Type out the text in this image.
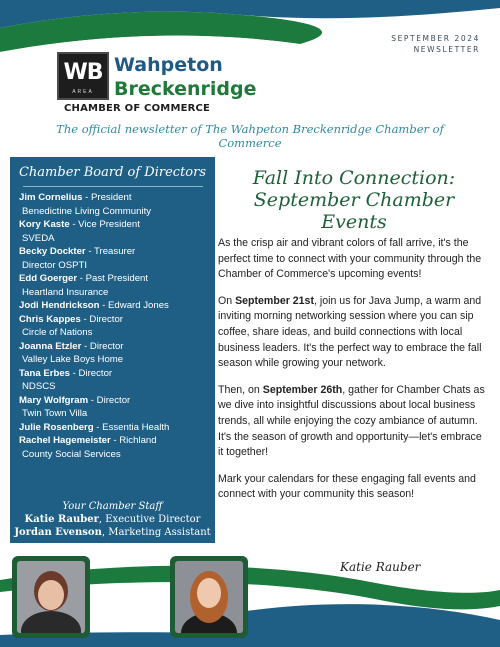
SEPTEMBER 2024
NEWSLETTER
WB
AREA
Wahpeton
Breckenridge
CHAMBER OF COMMERCE
The official newsletter of The Wahpeton Breckenridge Chamber of Commerce
Chamber Board of Directors
Jim Cornelius - President
Benedictine Living Community
Kory Kaste - Vice President
SVEDA
Becky Dockter - Treasurer
Director OSPTI
Edd Goerger - Past President
Heartland Insurance
Jodi Hendrickson - Edward Jones
Chris Kappes - Director
Circle of Nations
Joanna Etzler - Director
Valley Lake Boys Home
Tana Erbes - Director
NDSCS
Mary Wolfgram - Director
Twin Town Villa
Julie Rosenberg - Essentia Health
Rachel Hagemeister - Richland
County Social Services
Your Chamber Staff
Katie Rauber, Executive Director
Jordan Evenson, Marketing Assistant
Fall Into Connection: September Chamber Events

As the crisp air and vibrant colors of fall arrive, it's the perfect time to connect with your community through the Chamber of Commerce's upcoming events!

On September 21st, join us for Java Jump, a warm and inviting morning networking session where you can sip coffee, share ideas, and build connections with local business leaders. It's the perfect way to embrace the fall season while growing your network.

Then, on September 26th, gather for Chamber Chats as we dive into insightful discussions about local business trends, all while enjoying the cozy ambiance of autumn. It's the season of growth and opportunity—let's embrace it together!

Mark your calendars for these engaging fall events and connect with your community this season!

Katie Rauber
